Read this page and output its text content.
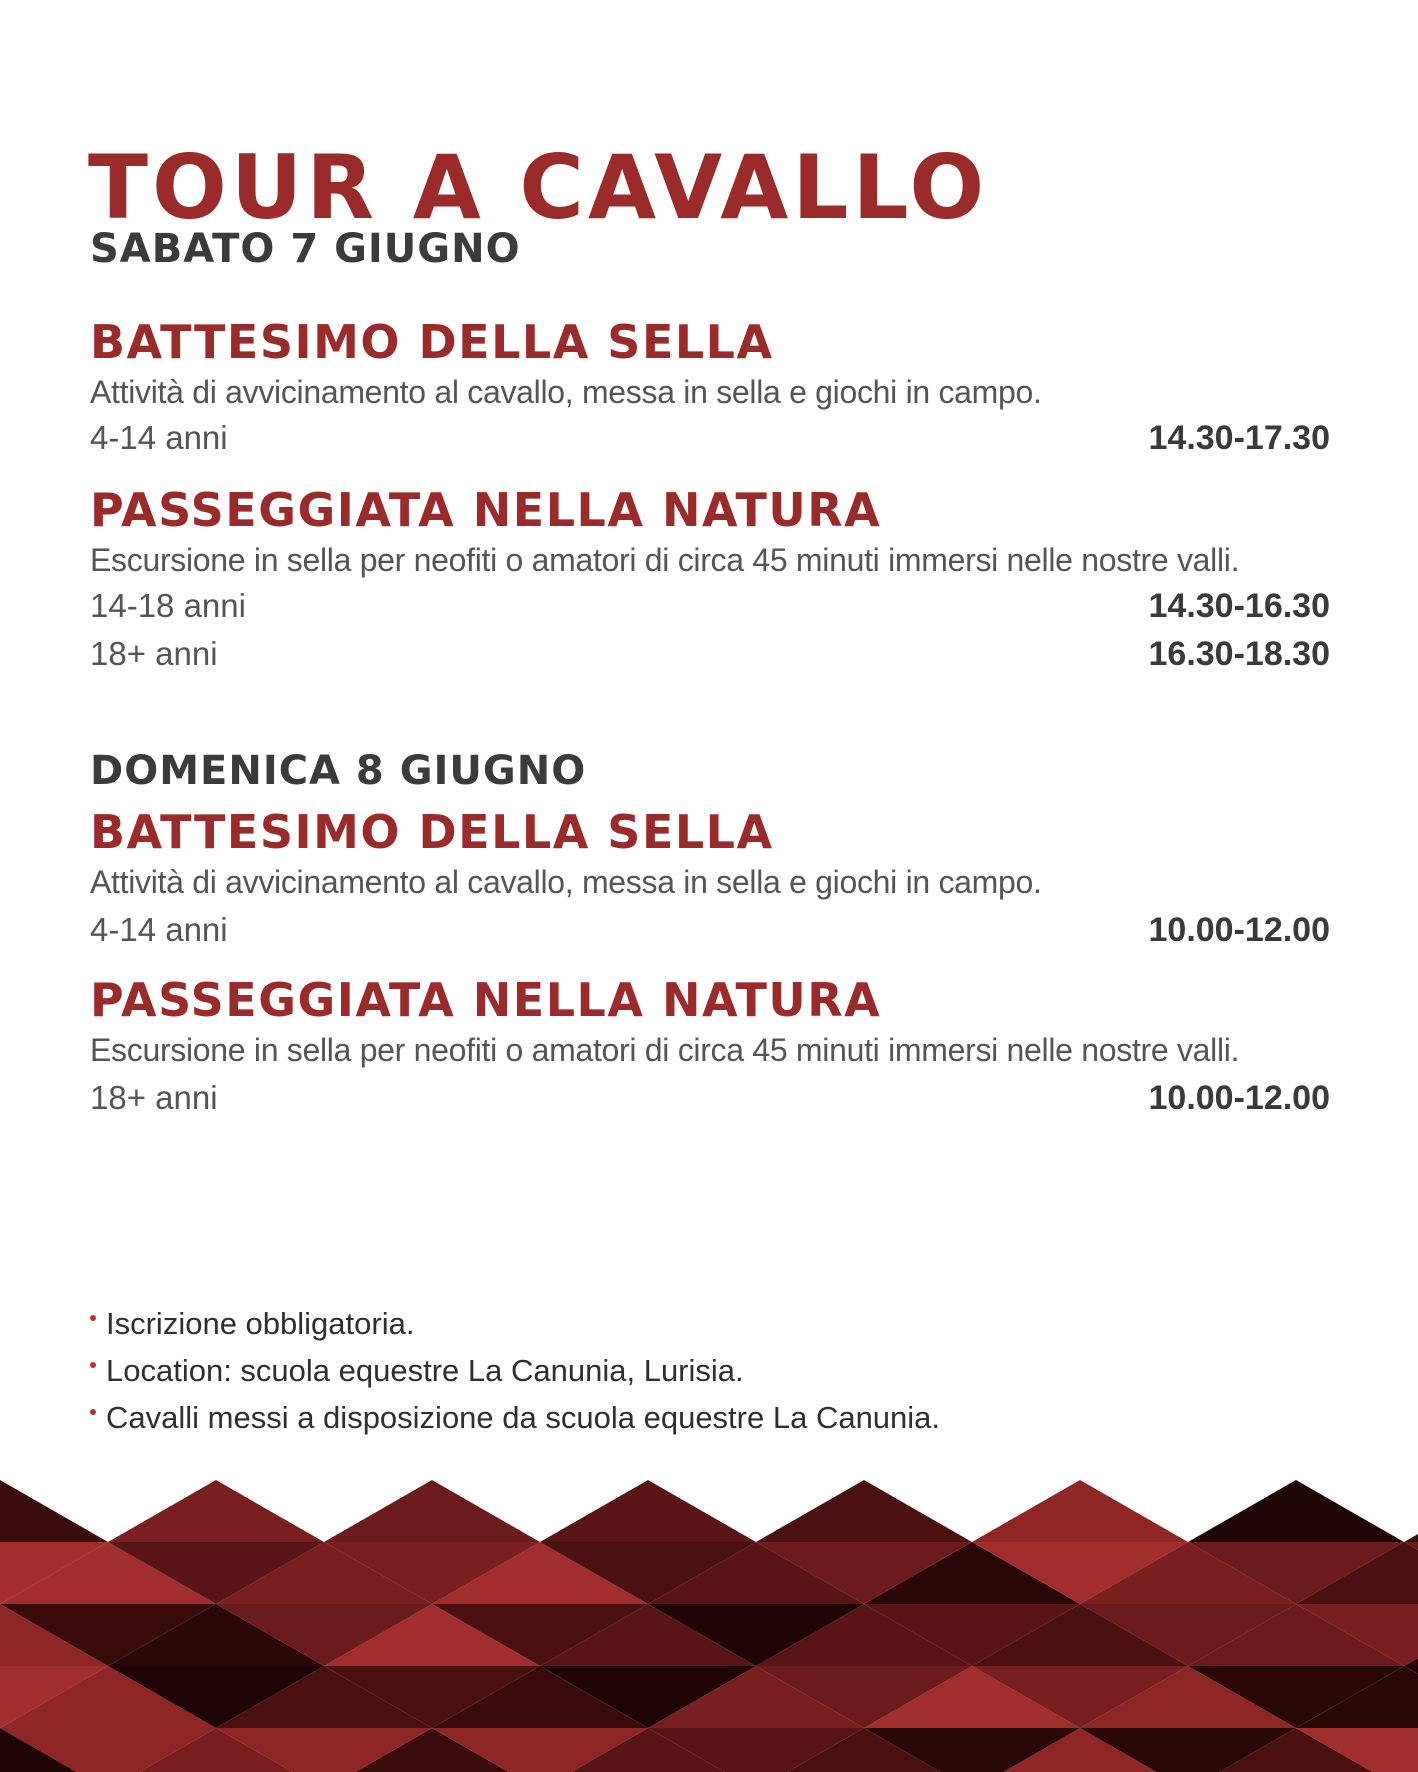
TOUR A CAVALLO
SABATO 7 GIUGNO
BATTESIMO DELLA SELLA
Attività di avvicinamento al cavallo, messa in sella e giochi in campo.
4-14 anni	14.30-17.30
PASSEGGIATA NELLA NATURA
Escursione in sella per neofiti o amatori di circa 45 minuti immersi nelle nostre valli.
14-18 anni	14.30-16.30
18+ anni	16.30-18.30
DOMENICA 8 GIUGNO
BATTESIMO DELLA SELLA
Attività di avvicinamento al cavallo, messa in sella e giochi in campo.
4-14 anni	10.00-12.00
PASSEGGIATA NELLA NATURA
Escursione in sella per neofiti o amatori di circa 45 minuti immersi nelle nostre valli.
18+ anni	10.00-12.00
Iscrizione obbligatoria.
Location: scuola equestre La Canunia, Lurisia.
Cavalli messi a disposizione da scuola equestre La Canunia.
